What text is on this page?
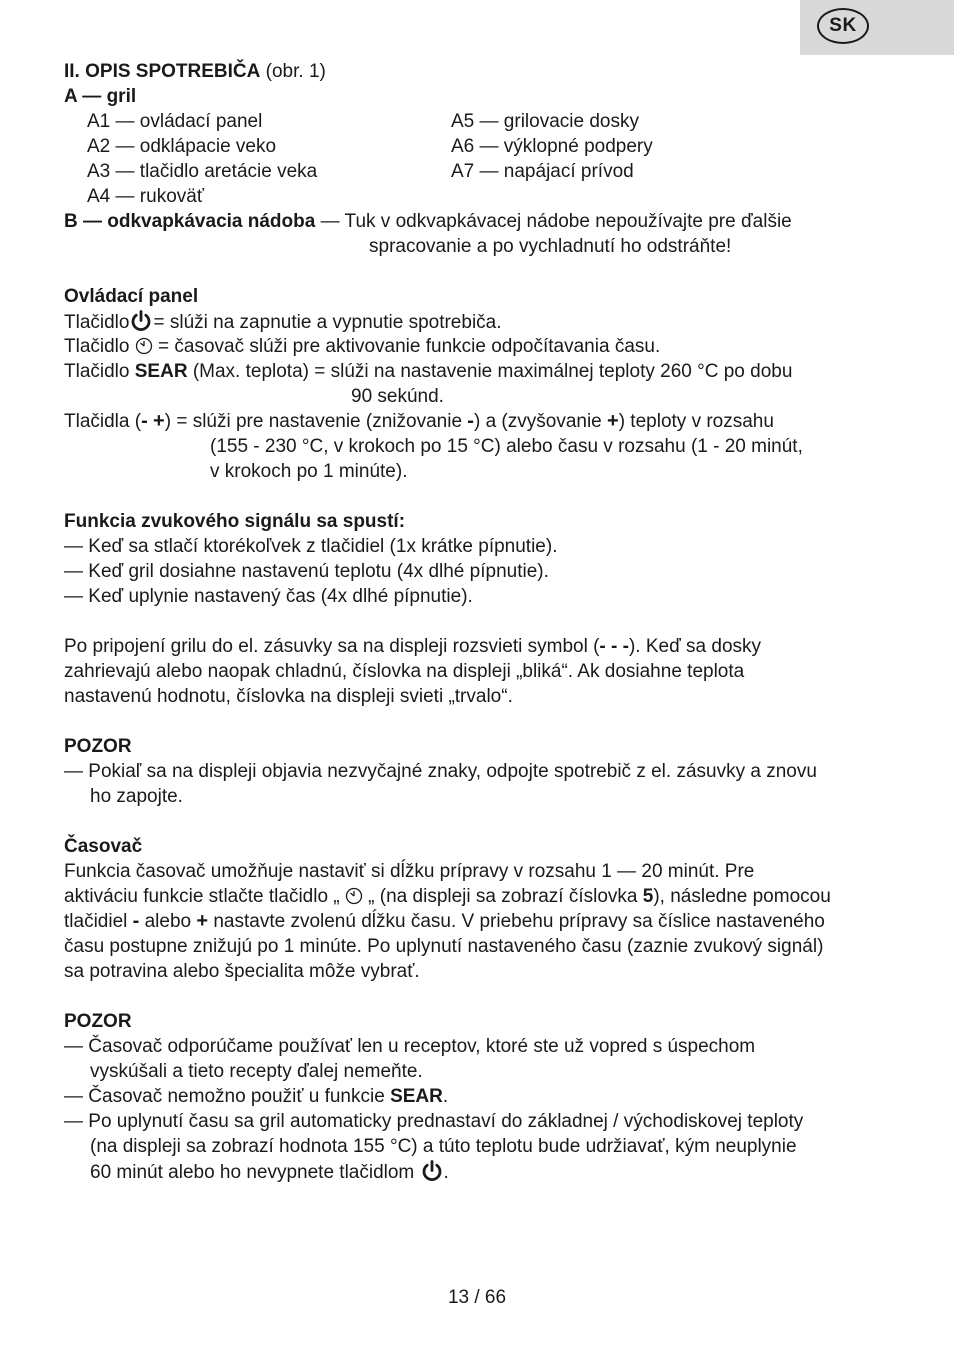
SK
II. OPIS SPOTREBIČA (obr. 1)
A — gril
A1 — ovládací panel
A2 — odklápacie veko
A3 — tlačidlo aretácie veka
A4 — rukoväť
A5 — grilovacie dosky
A6 — výklopné podpery
A7 — napájací prívod
B — odkvapkávacia nádoba — Tuk v odkvapkávacej nádobe nepoužívajte pre ďalšie
spracovanie a po vychladnutí ho odstráňte!
Ovládací panel
Tlačidlo = slúži na zapnutie a vypnutie spotrebiča.
Tlačidlo  = časovač slúži pre aktivovanie funkcie odpočítavania času.
Tlačidlo SEAR (Max. teplota) = slúži na nastavenie maximálnej teploty 260 °C po dobu
90 sekúnd.
Tlačidla (- +) = slúži pre nastavenie (znižovanie -) a (zvyšovanie +) teploty v rozsahu
(155 - 230 °C, v krokoch po 15 °C) alebo času v rozsahu (1 - 20 minút,
v krokoch po 1 minúte).
Funkcia zvukového signálu sa spustí:
— Keď sa stlačí ktorékoľvek z tlačidiel (1x krátke pípnutie).
— Keď gril dosiahne nastavenú teplotu (4x dlhé pípnutie).
— Keď uplynie nastavený čas (4x dlhé pípnutie).
Po pripojení grilu do el. zásuvky sa na displeji rozsvieti symbol (- - -). Keď sa dosky
zahrievajú alebo naopak chladnú, číslovka na displeji „bliká“. Ak dosiahne teplota
nastavenú hodnotu, číslovka na displeji svieti „trvalo“.
POZOR
— Pokiaľ sa na displeji objavia nezvyčajné znaky, odpojte spotrebič z el. zásuvky a znovu
ho zapojte.
Časovač
Funkcia časovač umožňuje nastaviť si dĺžku prípravy v rozsahu 1 — 20 minút. Pre
aktiváciu funkcie stlačte tlačidlo „  „ (na displeji sa zobrazí číslovka 5), následne pomocou
tlačidiel - alebo + nastavte zvolenú dĺžku času. V priebehu prípravy sa číslice nastaveného
času postupne znižujú po 1 minúte. Po uplynutí nastaveného času (zaznie zvukový signál)
sa potravina alebo špecialita môže vybrať.
POZOR
— Časovač odporúčame používať len u receptov, ktoré ste už vopred s úspechom
vyskúšali a tieto recepty ďalej nemeňte.
— Časovač nemožno použiť u funkcie SEAR.
— Po uplynutí času sa gril automaticky prednastaví do základnej / východiskovej teploty
(na displeji sa zobrazí hodnota 155 °C) a túto teplotu bude udržiavať, kým neuplynie
60 minút alebo ho nevypnete tlačidlom .
13 / 66
